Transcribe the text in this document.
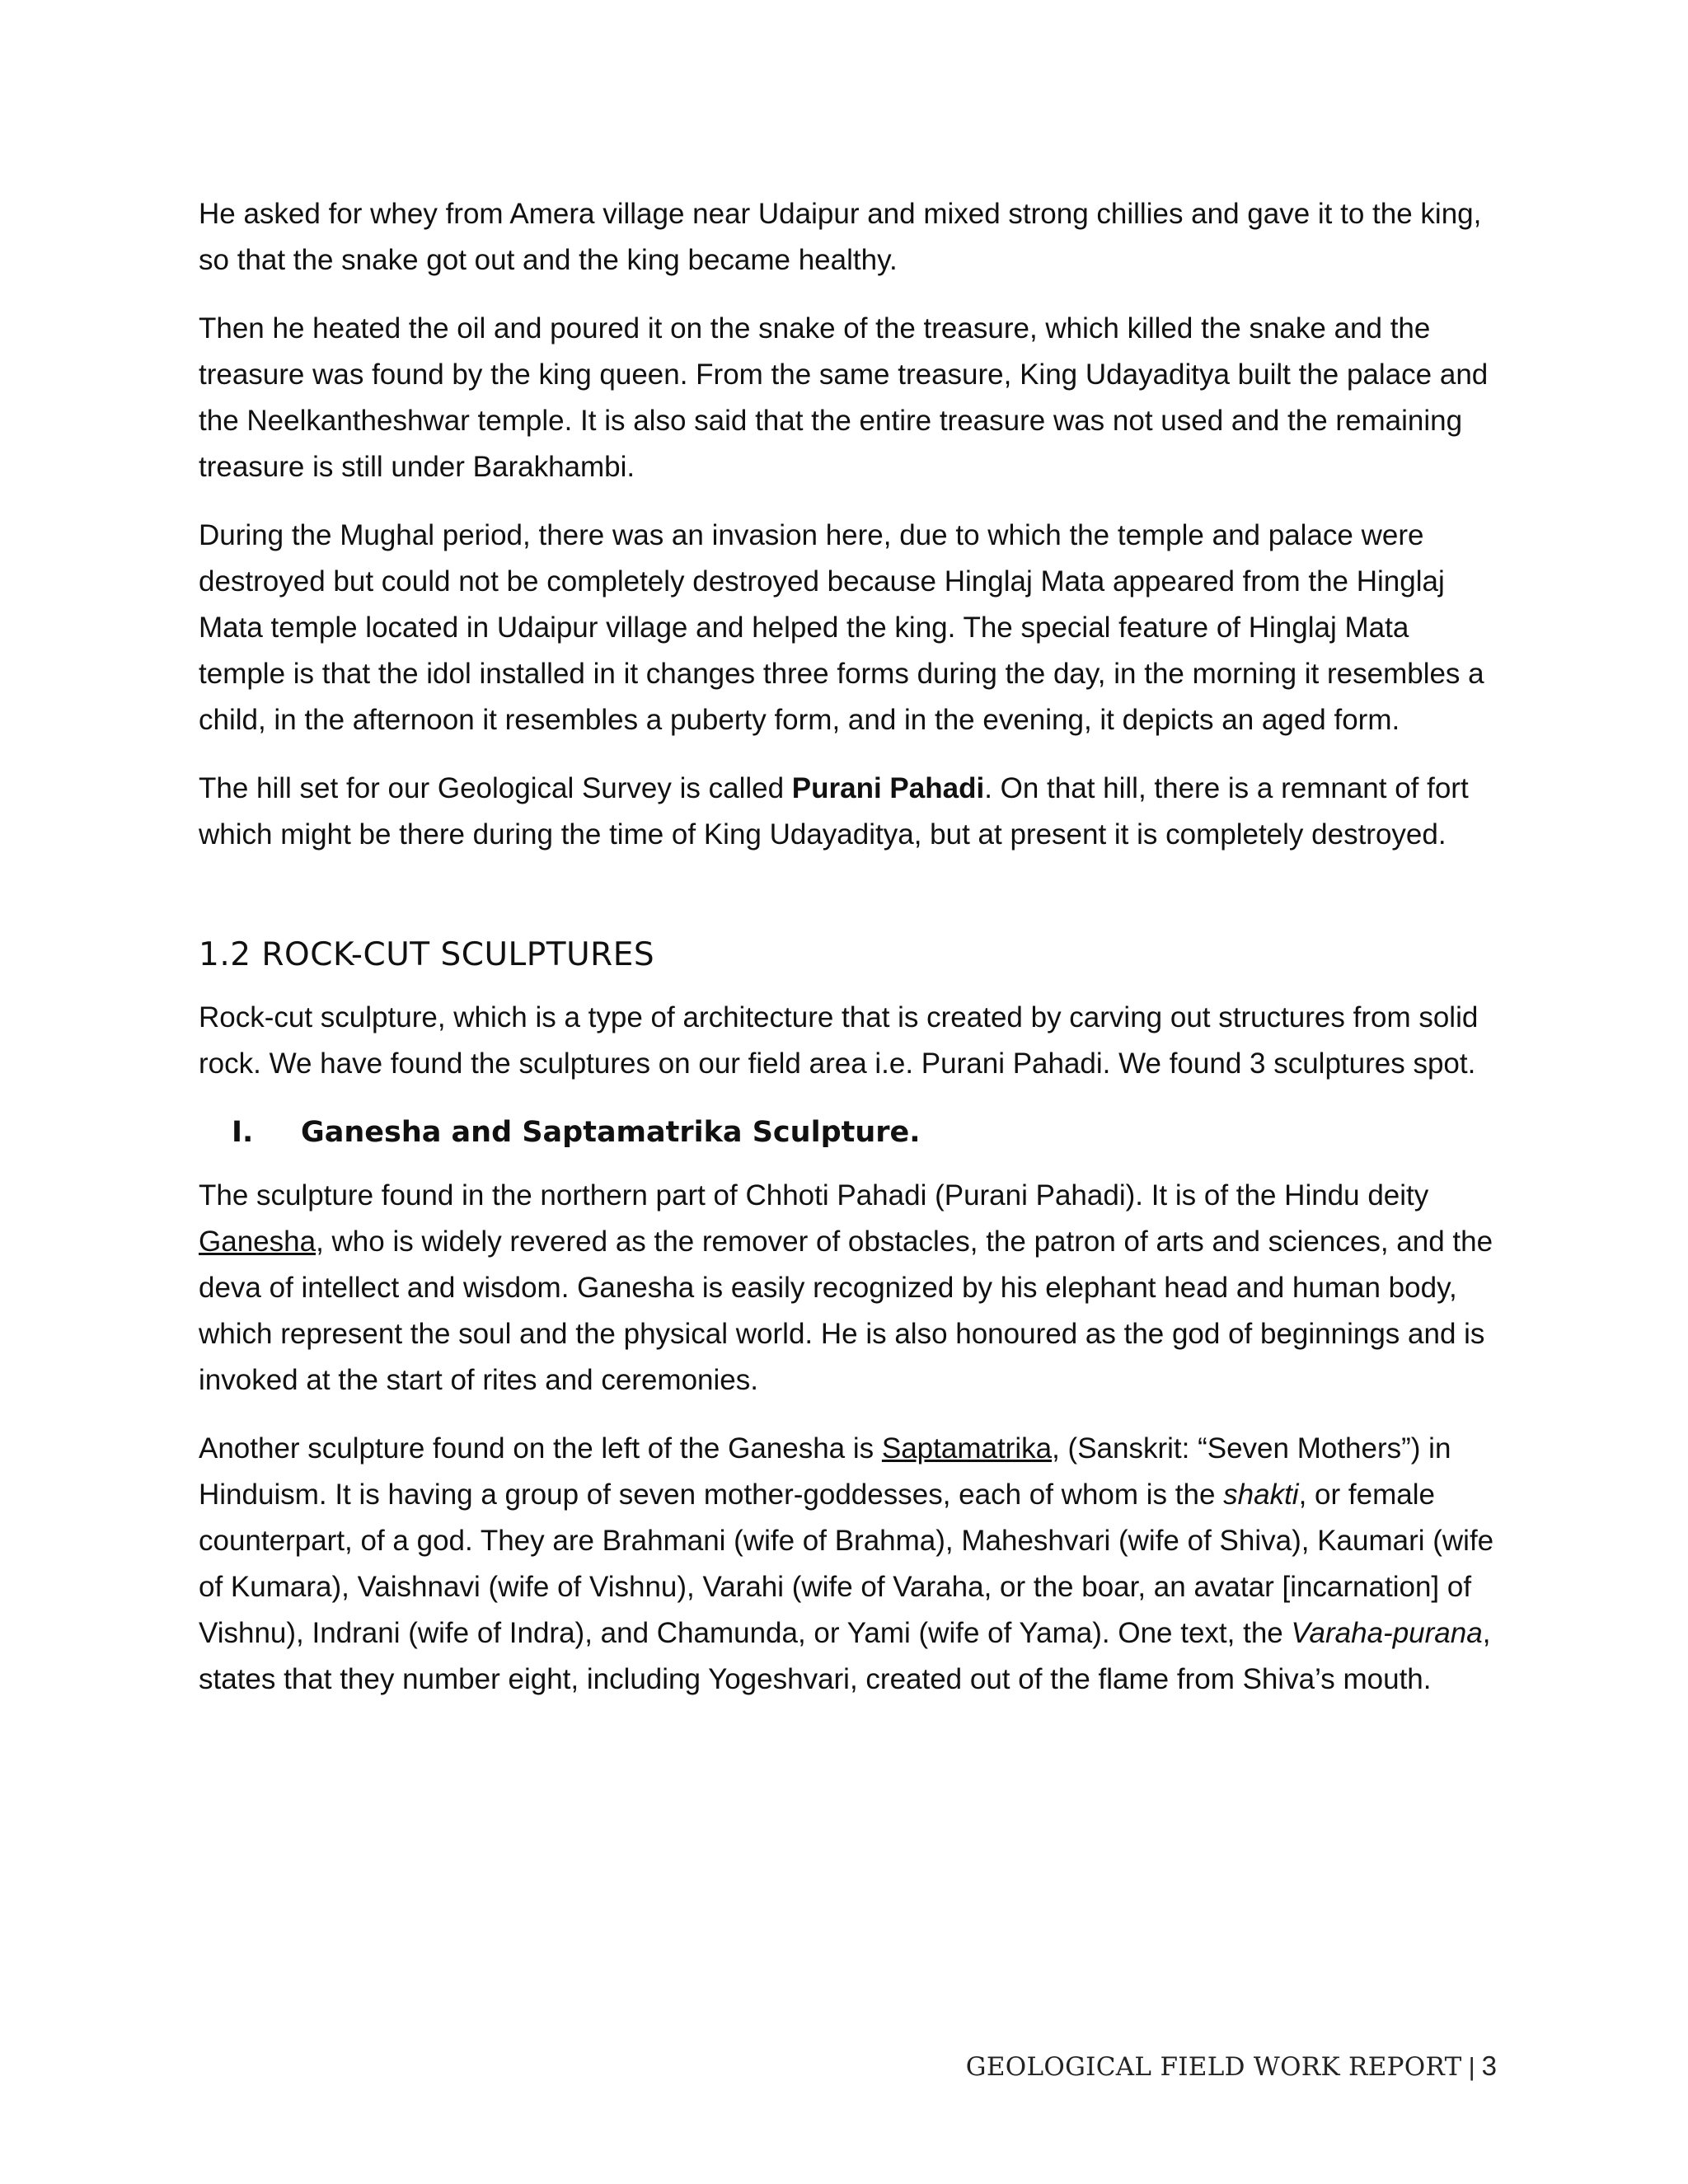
He asked for whey from Amera village near Udaipur and mixed strong chillies and gave it to the king, so that the snake got out and the king became healthy.

Then he heated the oil and poured it on the snake of the treasure, which killed the snake and the treasure was found by the king queen. From the same treasure, King Udayaditya built the palace and the Neelkantheshwar temple. It is also said that the entire treasure was not used and the remaining treasure is still under Barakhambi.

During the Mughal period, there was an invasion here, due to which the temple and palace were destroyed but could not be completely destroyed because Hinglaj Mata appeared from the Hinglaj Mata temple located in Udaipur village and helped the king. The special feature of Hinglaj Mata temple is that the idol installed in it changes three forms during the day, in the morning it resembles a child, in the afternoon it resembles a puberty form, and in the evening, it depicts an aged form.

The hill set for our Geological Survey is called Purani Pahadi. On that hill, there is a remnant of fort which might be there during the time of King Udayaditya, but at present it is completely destroyed.

1.2 ROCK-CUT SCULPTURES

Rock-cut sculpture, which is a type of architecture that is created by carving out structures from solid rock. We have found the sculptures on our field area i.e. Purani Pahadi. We found 3 sculptures spot.

I.	Ganesha and Saptamatrika Sculpture.

The sculpture found in the northern part of Chhoti Pahadi (Purani Pahadi). It is of the Hindu deity Ganesha, who is widely revered as the remover of obstacles, the patron of arts and sciences, and the deva of intellect and wisdom. Ganesha is easily recognized by his elephant head and human body, which represent the soul and the physical world. He is also honoured as the god of beginnings and is invoked at the start of rites and ceremonies.

Another sculpture found on the left of the Ganesha is Saptamatrika, (Sanskrit: “Seven Mothers”) in Hinduism. It is having a group of seven mother-goddesses, each of whom is the shakti, or female counterpart, of a god. They are Brahmani (wife of Brahma), Maheshvari (wife of Shiva), Kaumari (wife of Kumara), Vaishnavi (wife of Vishnu), Varahi (wife of Varaha, or the boar, an avatar [incarnation] of Vishnu), Indrani (wife of Indra), and Chamunda, or Yami (wife of Yama). One text, the Varaha-purana, states that they number eight, including Yogeshvari, created out of the flame from Shiva’s mouth.

GEOLOGICAL FIELD WORK REPORT | 3
